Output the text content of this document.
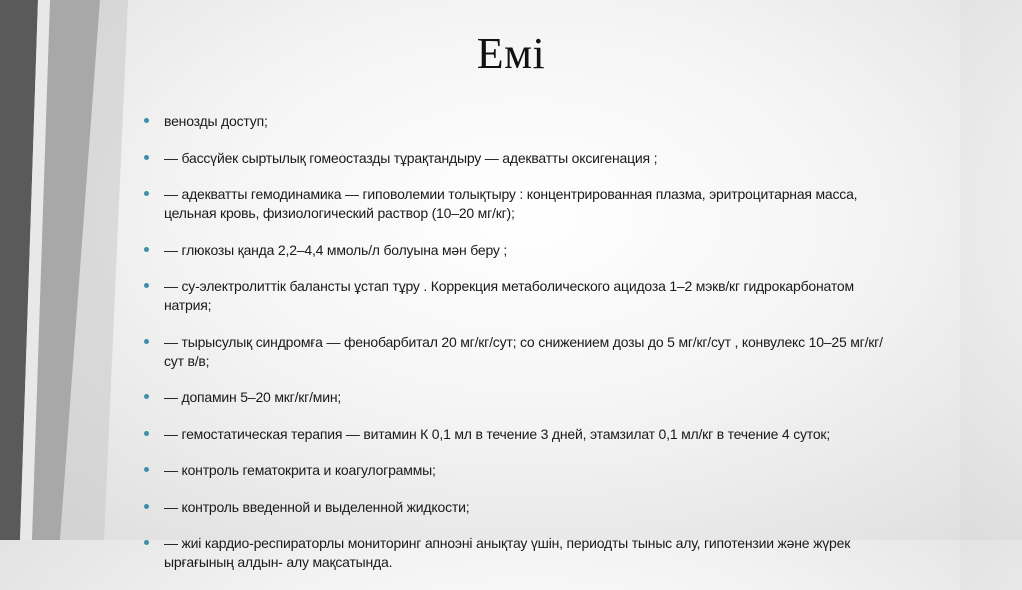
Емі
венозды доступ;
— бассүйек сыртылық гомеостазды тұрақтандыру — адекватты оксигенация ;
— адекватты гемодинамика — гиповолемии толықтыру : концентрированная плазма, эритроцитарная масса, цельная кровь, физиологический раствор (10–20 мг/кг);
— глюкозы қанда 2,2–4,4 ммоль/л болуына мән беру ;
— су-электролиттік балансты ұстап тұру . Коррекция метаболического ацидоза 1–2 мэкв/кг гидрокарбонатом натрия;
— тырысулық синдромға — фенобарбитал 20 мг/кг/сут; со снижением дозы до 5 мг/кг/сут , конвулекс 10–25 мг/кг/сут в/в;
— допамин 5–20 мкг/кг/мин;
— гемостатическая терапия — витамин К 0,1 мл в течение 3 дней, этамзилат 0,1 мл/кг в течение 4 суток;
— контроль гематокрита и коагулограммы;
— контроль введенной и выделенной жидкости;
— жиі кардио-респираторлы мониторинг апноэні анықтау үшін, периодты тыныс алу, гипотензии және жүрек ырғағының алдын- алу мақсатында.
